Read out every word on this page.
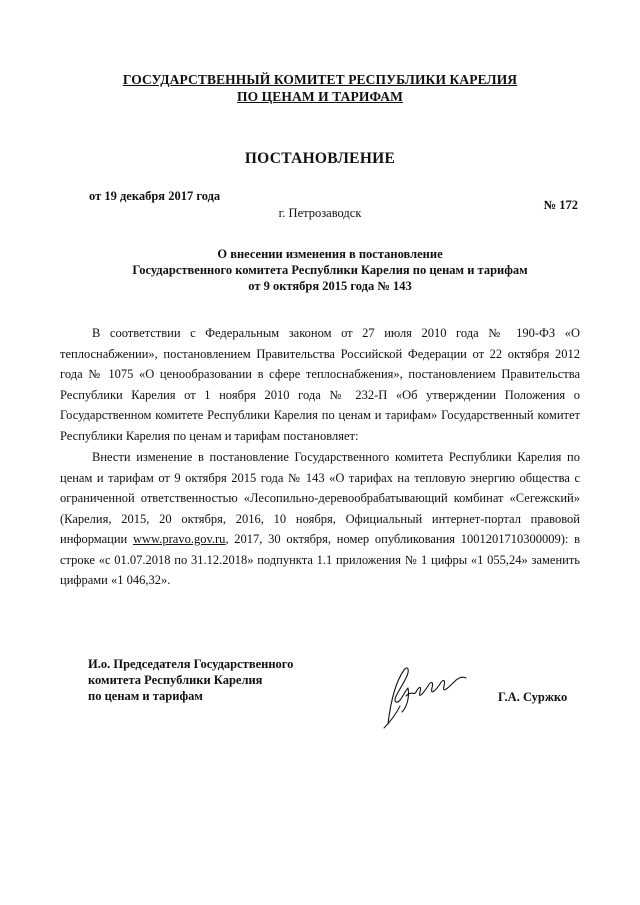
ГОСУДАРСТВЕННЫЙ КОМИТЕТ РЕСПУБЛИКИ КАРЕЛИЯ
ПО ЦЕНАМ И ТАРИФАМ
ПОСТАНОВЛЕНИЕ
от 19 декабря 2017 года
г. Петрозаводск
№ 172
О внесении изменения в постановление
Государственного комитета Республики Карелия по ценам и тарифам
от 9 октября 2015 года № 143

В соответствии с Федеральным законом от 27 июля 2010 года № 190-ФЗ «О теплоснабжении», постановлением Правительства Российской Федерации от 22 октября 2012 года № 1075 «О ценообразовании в сфере теплоснабжения», постановлением Правительства Республики Карелия от 1 ноября 2010 года № 232-П «Об утверждении Положения о Государственном комитете Республики Карелия по ценам и тарифам» Государственный комитет Республики Карелия по ценам и тарифам постановляет:

Внести изменение в постановление Государственного комитета Республики Карелия по ценам и тарифам от 9 октября 2015 года № 143 «О тарифах на тепловую энергию общества с ограниченной ответственностью «Лесопильно-деревообрабатывающий комбинат «Сегежский» (Карелия, 2015, 20 октября, 2016, 10 ноября, Официальный интернет-портал правовой информации www.pravo.gov.ru, 2017, 30 октября, номер опубликования 1001201710300009): в строке «с 01.07.2018 по 31.12.2018» подпункта 1.1 приложения № 1 цифры «1 055,24» заменить цифрами «1 046,32».

И.о. Председателя Государственного
комитета Республики Карелия
по ценам и тарифам	Г.А. Суржко
